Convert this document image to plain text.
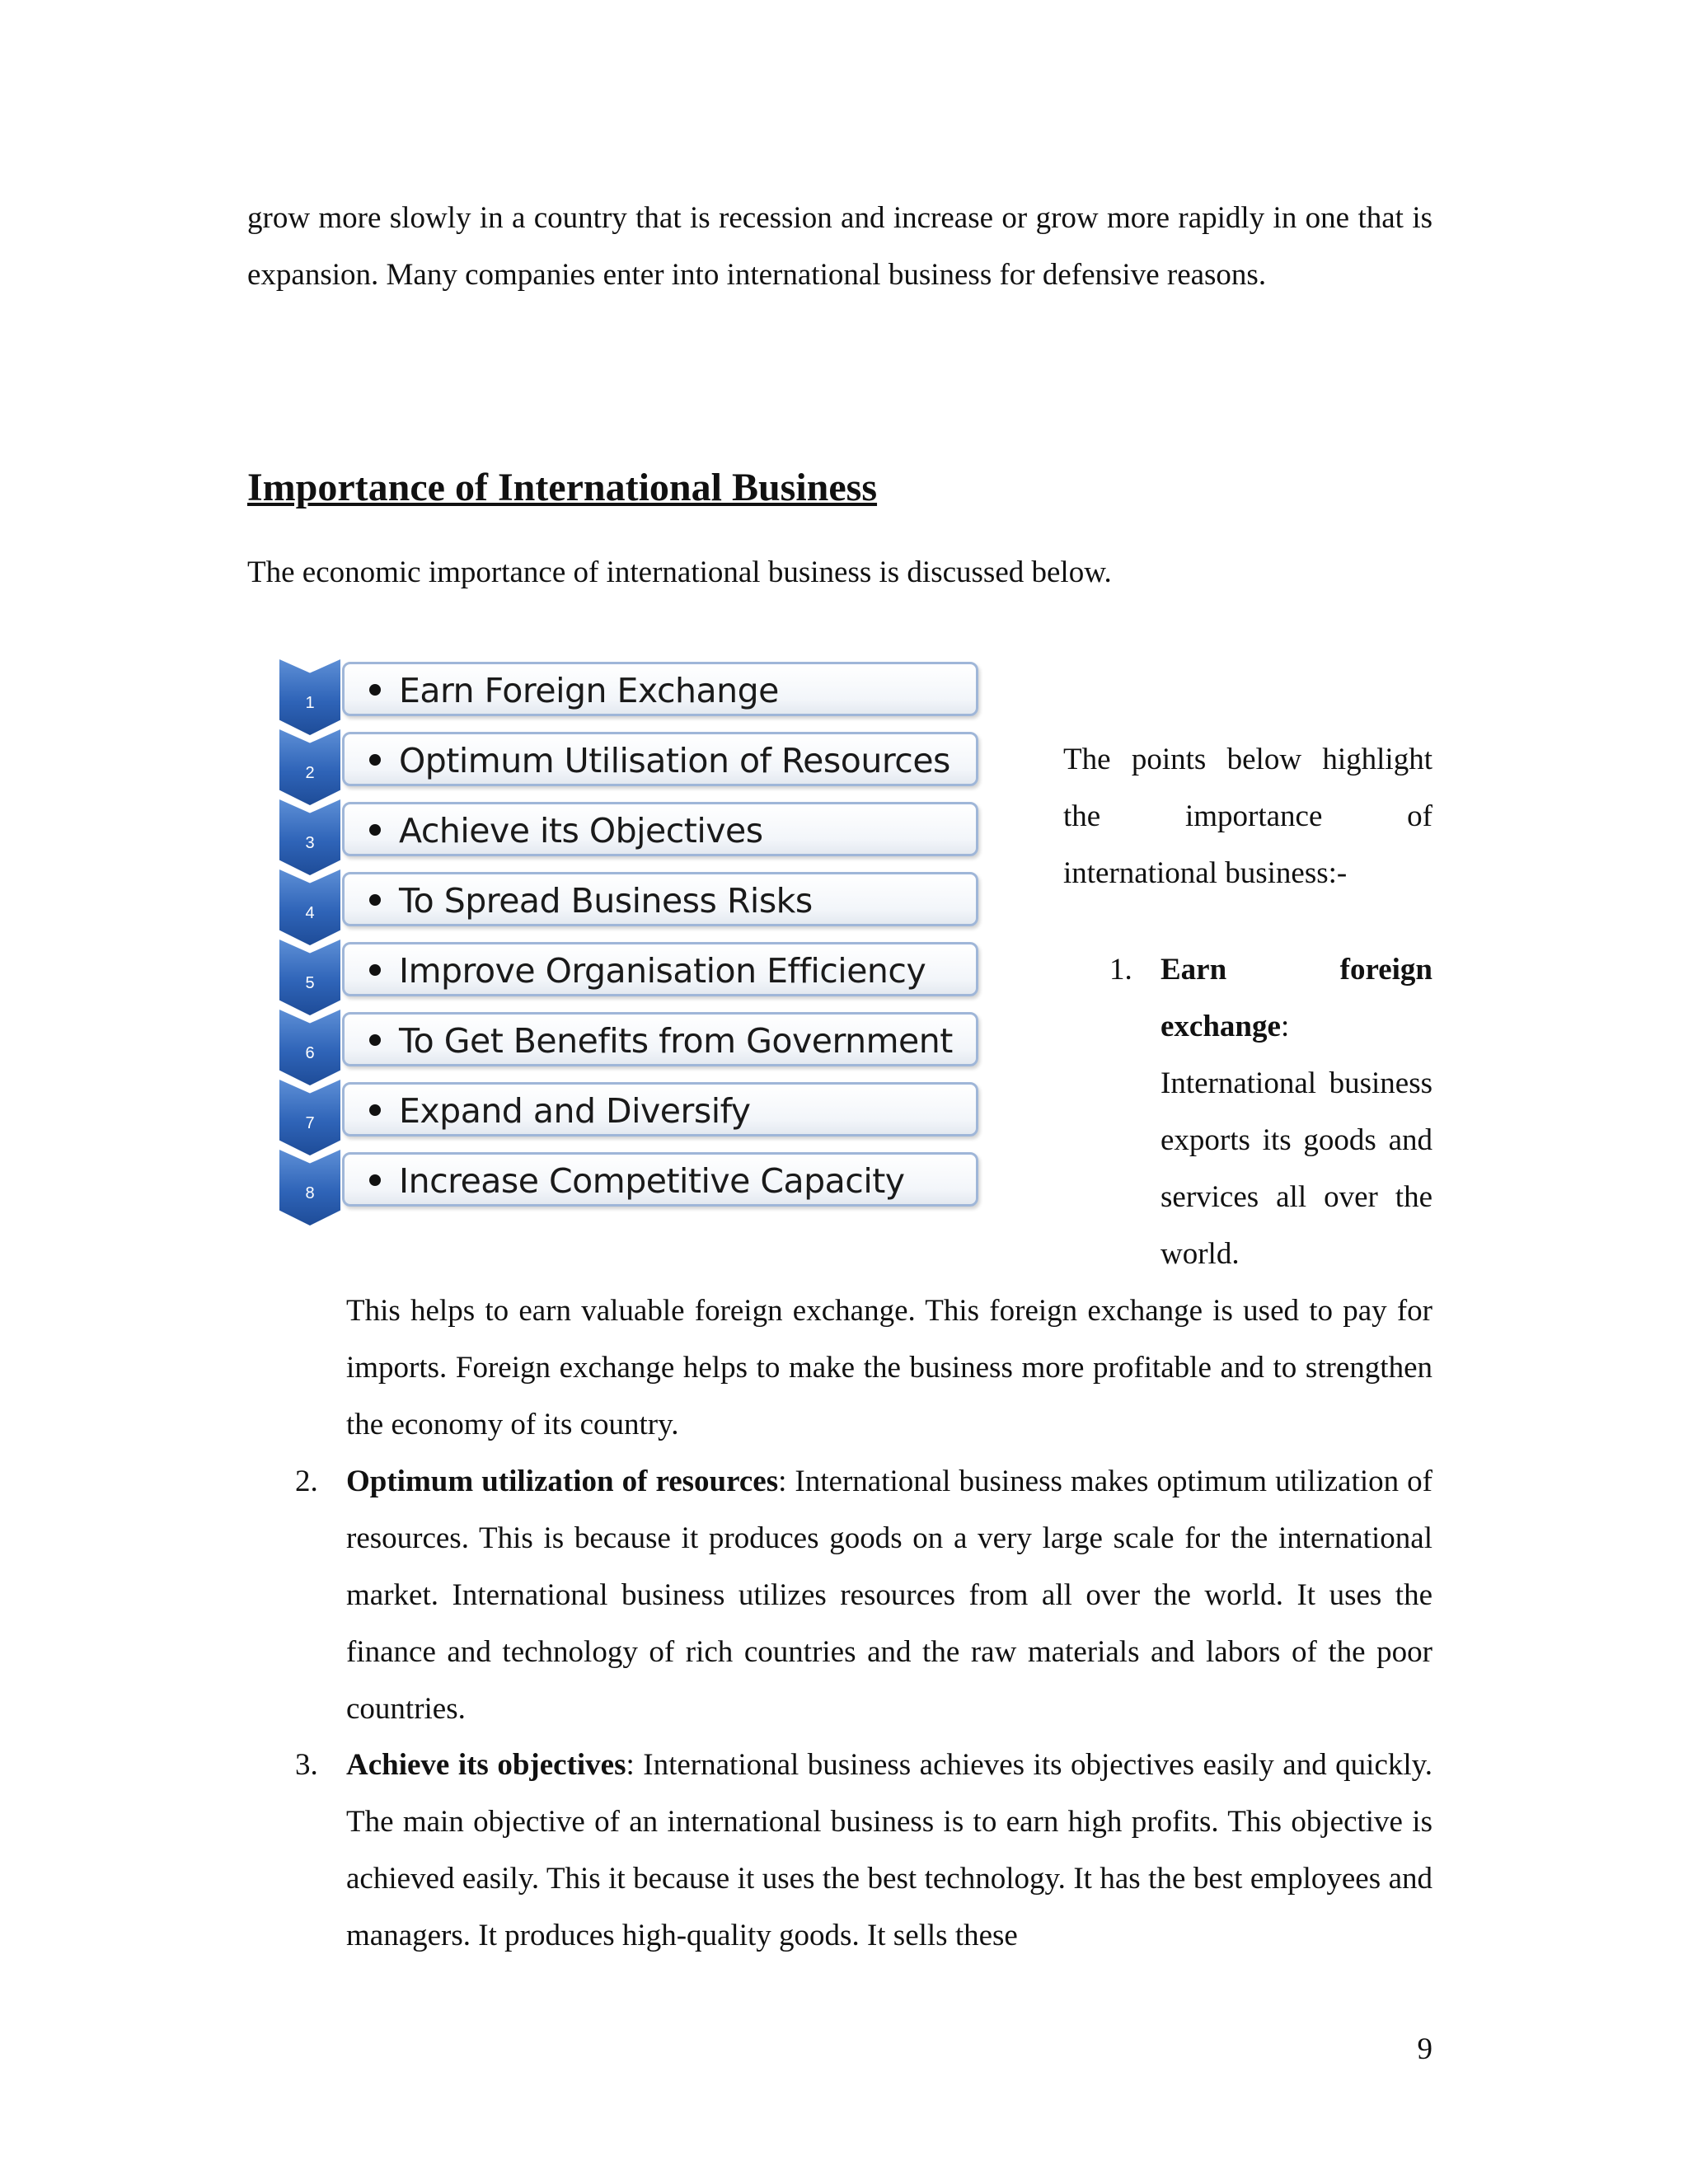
grow more slowly in a country that is recession and increase or grow more rapidly in one that is expansion. Many companies enter into international business for defensive reasons.

Importance of International Business

The economic importance of international business is discussed below.

1	Earn Foreign Exchange
2	Optimum Utilisation of Resources
3	Achieve its Objectives
4	To Spread Business Risks
5	Improve Organisation Efficiency
6	To Get Benefits from Government
7	Expand and Diversify
8	Increase Competitive Capacity

The points below highlight the importance of international business:-

1. Earn foreign exchange:

International business exports its goods and services all over the world.

This helps to earn valuable foreign exchange. This foreign exchange is used to pay for imports. Foreign exchange helps to make the business more profitable and to strengthen the economy of its country.

2. Optimum utilization of resources: International business makes optimum utilization of resources. This is because it produces goods on a very large scale for the international market. International business utilizes resources from all over the world. It uses the finance and technology of rich countries and the raw materials and labors of the poor countries.

3. Achieve its objectives: International business achieves its objectives easily and quickly. The main objective of an international business is to earn high profits. This objective is achieved easily. This it because it uses the best technology. It has the best employees and managers. It produces high-quality goods. It sells these

9
